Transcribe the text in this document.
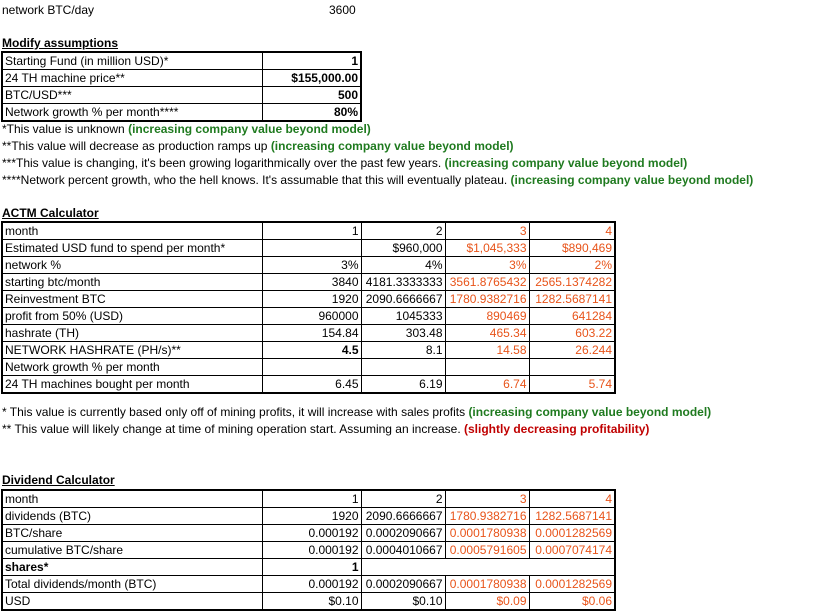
network BTC/day	3600
Modify assumptions
Starting Fund (in million USD)*	1
24 TH machine price**	$155,000.00
BTC/USD***	500
Network growth % per month****	80%
*This value is unknown (increasing company value beyond model)
**This value will decrease as production ramps up (increasing company value beyond model)
***This value is changing, it's been growing logarithmically over the past few years. (increasing company value beyond model)
****Network percent growth, who the hell knows. It's assumable that this will eventually plateau. (increasing company value beyond model)
ACTM Calculator
month	1	2	3	4
Estimated USD fund to spend per month*		$960,000	$1,045,333	$890,469
network %	3%	4%	3%	2%
starting btc/month	3840	4181.3333333	3561.8765432	2565.1374282
Reinvestment BTC	1920	2090.6666667	1780.9382716	1282.5687141
profit from 50% (USD)	960000	1045333	890469	641284
hashrate (TH)	154.84	303.48	465.34	603.22
NETWORK HASHRATE (PH/s)**	4.5	8.1	14.58	26.244
Network growth % per month				
24 TH machines bought per month	6.45	6.19	6.74	5.74
* This value is currently based only off of mining profits, it will increase with sales profits (increasing company value beyond model)
** This value will likely change at time of mining operation start. Assuming an increase. (slightly decreasing profitability)
Dividend Calculator
month	1	2	3	4
dividends (BTC)	1920	2090.6666667	1780.9382716	1282.5687141
BTC/share	0.000192	0.0002090667	0.0001780938	0.0001282569
cumulative BTC/share	0.000192	0.0004010667	0.0005791605	0.0007074174
shares*	1			
Total dividends/month (BTC)	0.000192	0.0002090667	0.0001780938	0.0001282569
USD	$0.10	$0.10	$0.09	$0.06
